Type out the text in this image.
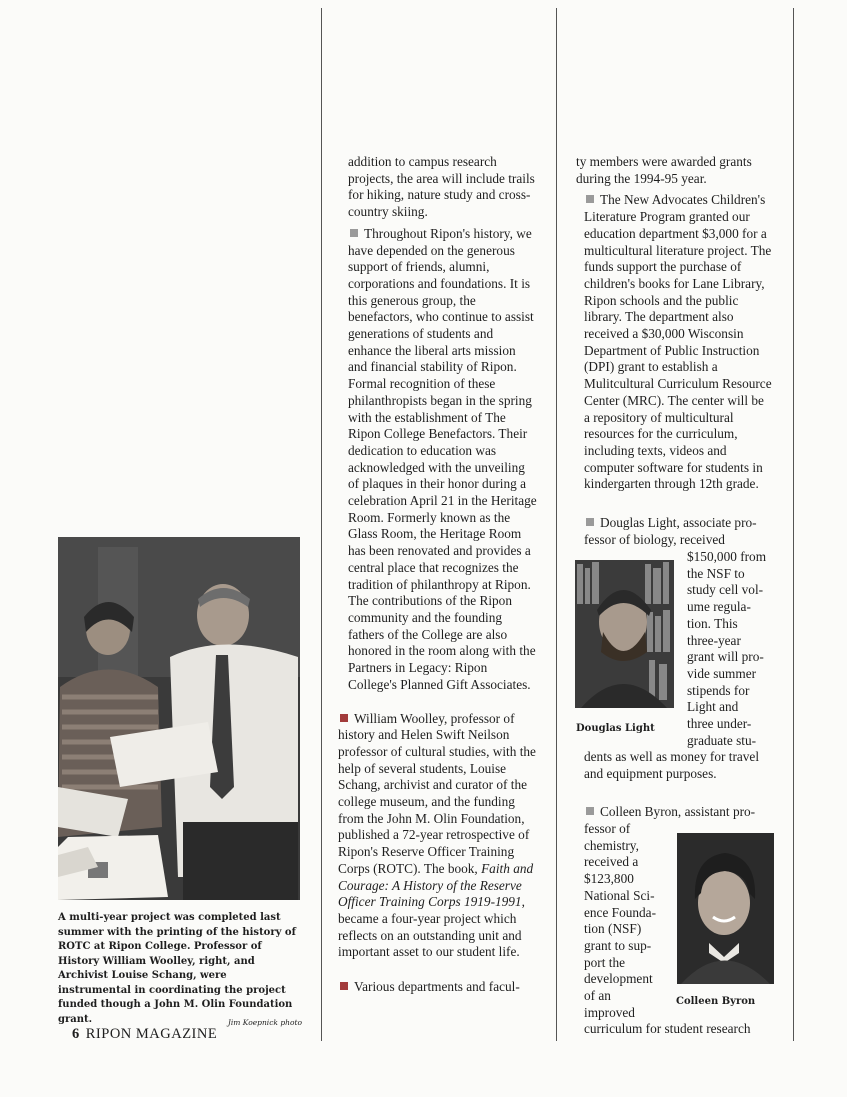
A multi-year project was completed last summer with the printing of the history of ROTC at Ripon College. Professor of History William Woolley, right, and Archivist Louise Schang, were instrumental in coordinating the project funded though a John M. Olin Foundation grant.	Jim Koepnick photo

addition to campus research projects, the area will include trails for hiking, nature study and cross-country skiing.

Throughout Ripon's history, we have depended on the generous support of friends, alumni, corporations and foundations. It is this generous group, the benefactors, who continue to assist generations of students and enhance the liberal arts mission and financial stability of Ripon. Formal recognition of these philanthropists began in the spring with the establishment of The Ripon College Benefactors. Their dedication to education was acknowledged with the unveiling of plaques in their honor during a celebration April 21 in the Heritage Room. Formerly known as the Glass Room, the Heritage Room has been renovated and provides a central place that recognizes the tradition of philanthropy at Ripon. The contributions of the Ripon community and the founding fathers of the College are also honored in the room along with the Partners in Legacy: Ripon College's Planned Gift Associates.

William Woolley, professor of history and Helen Swift Neilson professor of cultural studies, with the help of several students, Louise Schang, archivist and curator of the college museum, and the funding from the John M. Olin Foundation, published a 72-year retrospective of Ripon's Reserve Officer Training Corps (ROTC). The book, Faith and Courage: A History of the Reserve Officer Training Corps 1919-1991, became a four-year project which reflects on an outstanding unit and important asset to our student life.

Various departments and facul-

ty members were awarded grants during the 1994-95 year.

The New Advocates Children's Literature Program granted our education department $3,000 for a multicultural literature project. The funds support the purchase of children's books for Lane Library, Ripon schools and the public library. The department also received a $30,000 Wisconsin Department of Public Instruction (DPI) grant to establish a Mulitcultural Curriculum Resource Center (MRC). The center will be a repository of multicultural resources for the curriculum, including texts, videos and computer software for students in kindergarten through 12th grade.

Douglas Light, associate pro-
fessor of biology, received
$150,000 from
the NSF to
study cell vol-
ume regula-
tion. This
three-year
grant will pro-
vide summer
stipends for
Light and
three under-
graduate stu-
dents as well as money for travel and equipment purposes.
Douglas Light
Colleen Byron, assistant pro-
fessor of
chemistry,
received a
$123,800
National Sci-
ence Founda-
tion (NSF)
grant to sup-
port the
development
of an
improved
curriculum for student research
Colleen Byron
6 RIPON MAGAZINE
